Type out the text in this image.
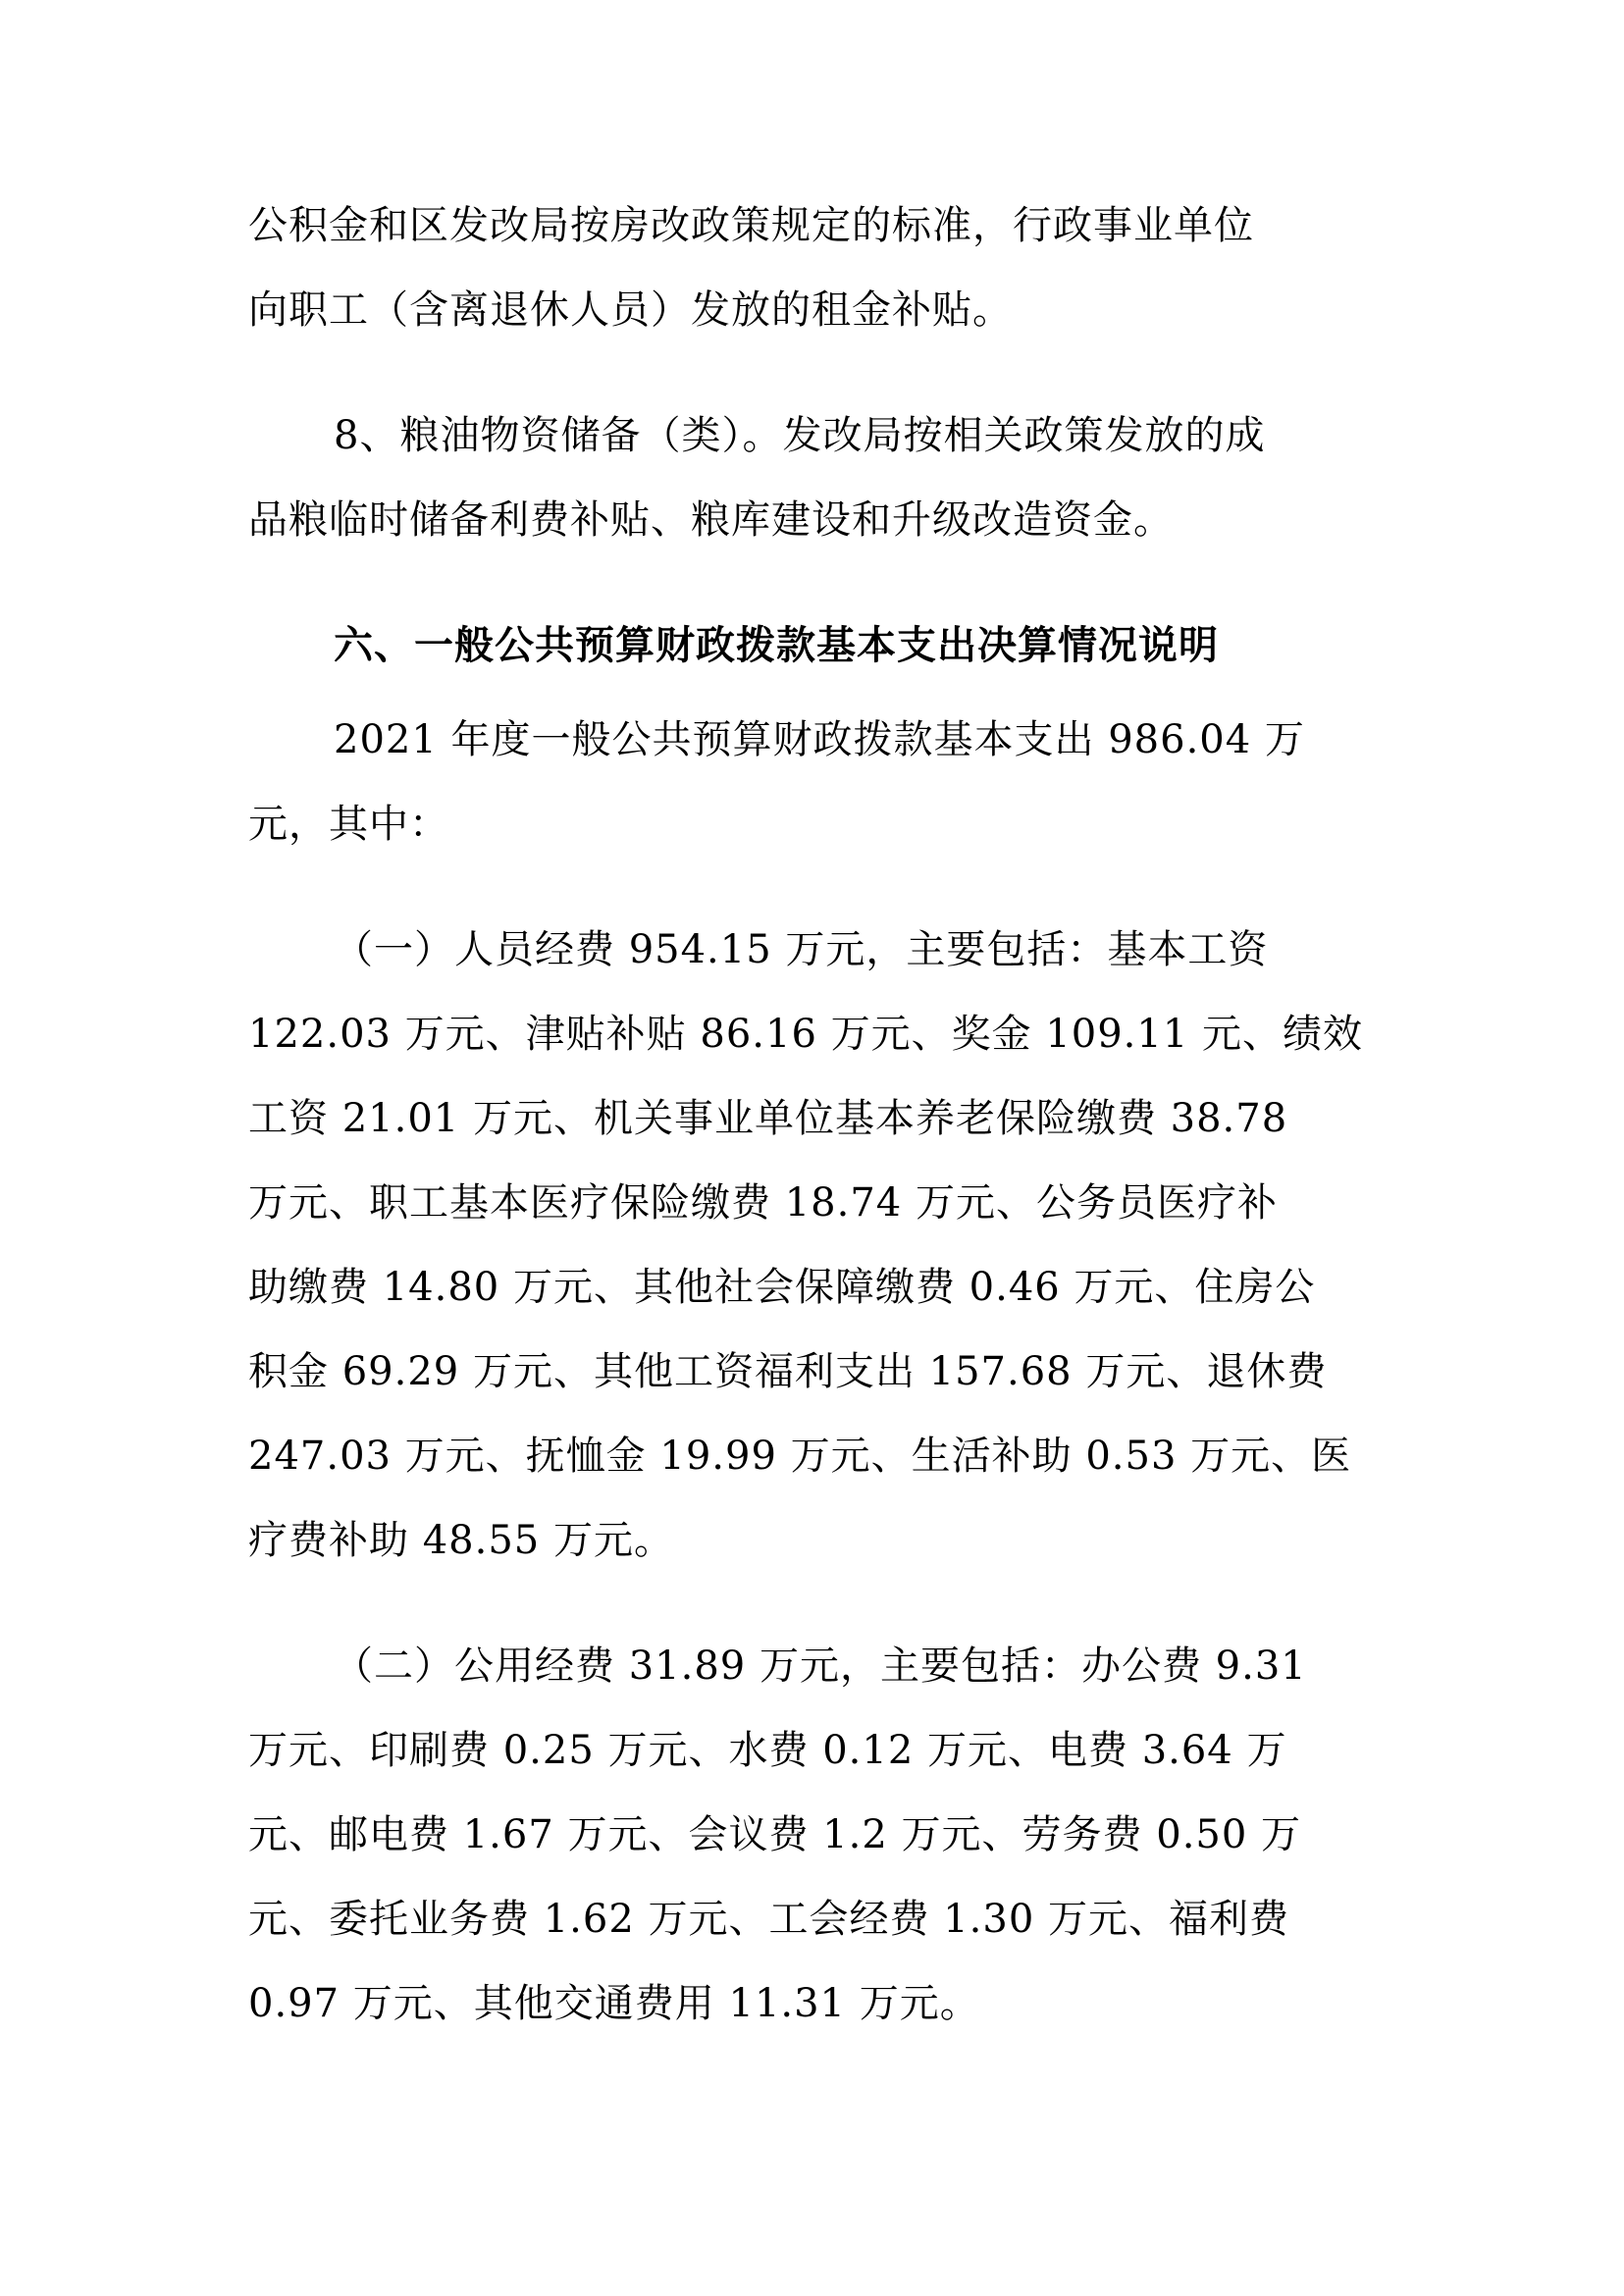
公积金和区发改局按房改政策规定的标准，行政事业单位
向职工（含离退休人员）发放的租金补贴。
8、粮油物资储备（类）。发改局按相关政策发放的成
品粮临时储备利费补贴、粮库建设和升级改造资金。
六、一般公共预算财政拨款基本支出决算情况说明
2021 年度一般公共预算财政拨款基本支出 986.04 万
元，其中：
（一）人员经费 954.15 万元，主要包括：基本工资
122.03 万元、津贴补贴 86.16 万元、奖金 109.11 元、绩效
工资 21.01 万元、机关事业单位基本养老保险缴费 38.78
万元、职工基本医疗保险缴费 18.74 万元、公务员医疗补
助缴费 14.80 万元、其他社会保障缴费 0.46 万元、住房公
积金 69.29 万元、其他工资福利支出 157.68 万元、退休费
247.03 万元、抚恤金 19.99 万元、生活补助 0.53 万元、医
疗费补助 48.55 万元。
（二）公用经费 31.89 万元，主要包括：办公费 9.31
万元、印刷费 0.25 万元、水费 0.12 万元、电费 3.64 万
元、邮电费 1.67 万元、会议费 1.2 万元、劳务费 0.50 万
元、委托业务费 1.62 万元、工会经费 1.30 万元、福利费
0.97 万元、其他交通费用 11.31 万元。
